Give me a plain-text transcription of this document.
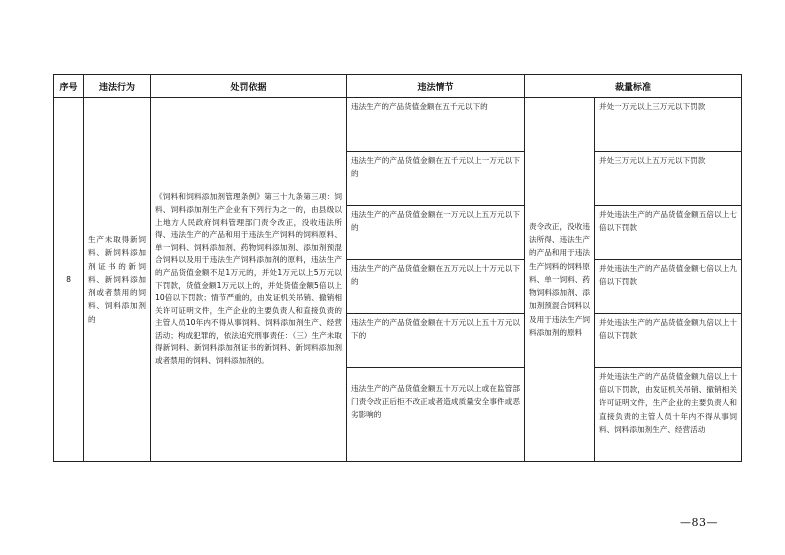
序号	违法行为	处罚依据	违法情节	裁量标准	

8	生产未取得新饲料、新饲料添加剂证书的新饲料、新饲料添加剂或者禁用的饲料、饲料添加剂的	《饲料和饲料添加剂管理条例》第三十九条第三项：饲料、饲料添加剂生产企业有下列行为之一的，由县级以上地方人民政府饲料管理部门责令改正，没收违法所得、违法生产的产品和用于违法生产饲料的饲料原料、单一饲料、饲料添加剂、药物饲料添加剂、添加剂预混合饲料以及用于违法生产饲料添加剂的原料，违法生产的产品货值金额不足1万元的，并处1万元以上5万元以下罚款，货值金额1万元以上的，并处货值金额5倍以上10倍以下罚款；情节严重的，由发证机关吊销、撤销相关许可证明文件，生产企业的主要负责人和直接负责的主管人员10年内不得从事饲料、饲料添加剂生产、经营活动；构成犯罪的，依法追究刑事责任：（三）生产未取得新饲料、新饲料添加剂证书的新饲料、新饲料添加剂或者禁用的饲料、饲料添加剂的。	违法生产的产品货值金额在五千元以下的	责令改正，没收违法所得、违法生产的产品和用于违法生产饲料的饲料原料、单一饲料、药物饲料添加剂、添加剂预混合饲料以及用于违法生产饲料添加剂的原料	并处一万元以上三万元以下罚款

			违法生产的产品货值金额在五千元以上一万元以下的		并处三万元以上五万元以下罚款

			违法生产的产品货值金额在一万元以上五万元以下的		并处违法生产的产品货值金额五倍以上七倍以下罚款

			违法生产的产品货值金额在五万元以上十万元以下的		并处违法生产的产品货值金额七倍以上九倍以下罚款

			违法生产的产品货值金额在十万元以上五十万元以下的		并处违法生产的产品货值金额九倍以上十倍以下罚款

			违法生产的产品货值金额五十万元以上或在监管部门责令改正后拒不改正或者造成质量安全事件或恶劣影响的		并处违法生产的产品货值金额九倍以上十倍以下罚款，由发证机关吊销、撤销相关许可证明文件，生产企业的主要负责人和直接负责的主管人员十年内不得从事饲料、饲料添加剂生产、经营活动
—83—
